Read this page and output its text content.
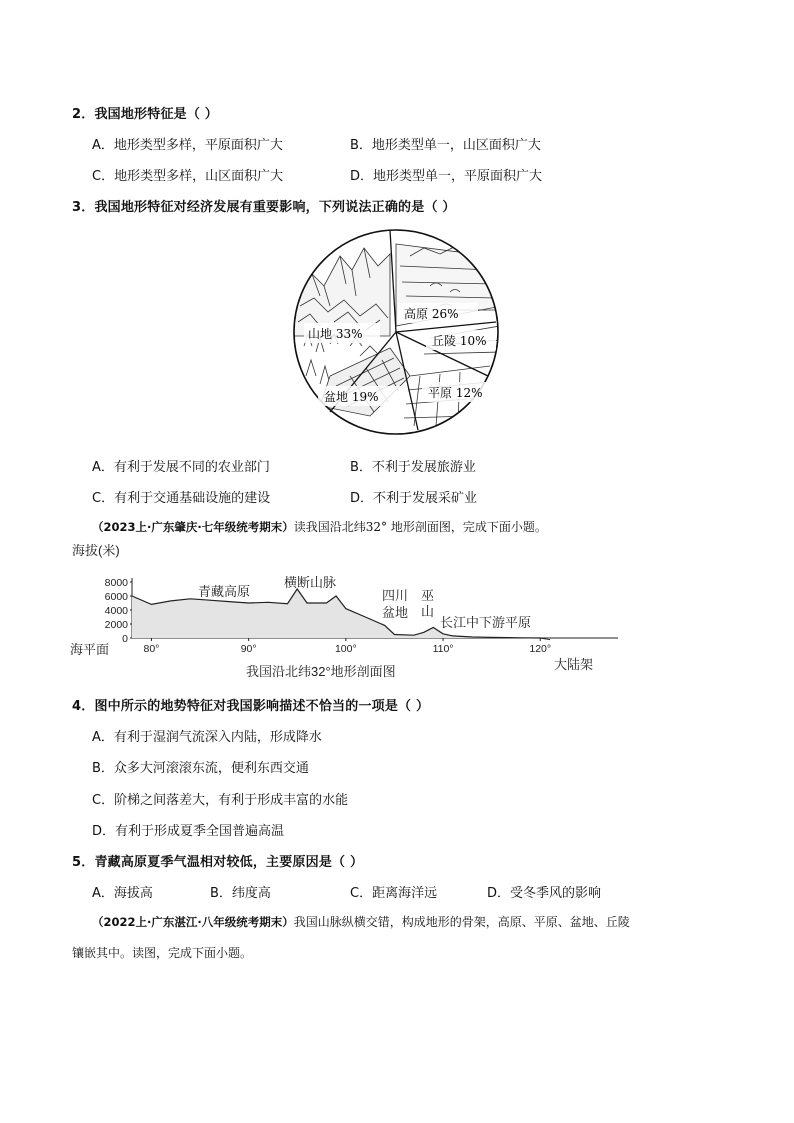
2．我国地形特征是（ ）
A．地形类型多样，平原面积广大	B．地形类型单一，山区面积广大
C．地形类型多样，山区面积广大	D．地形类型单一，平原面积广大
3．我国地形特征对经济发展有重要影响，下列说法正确的是（ ）
山地 33%
高原 26%
丘陵 10%
平原 12%
盆地 19%
A．有利于发展不同的农业部门	B．不利于发展旅游业
C．有利于交通基础设施的建设	D．不利于发展采矿业
（2023上·广东肇庆·七年级统考期末）读我国沿北纬32° 地形剖面图，完成下面小题。
海拔(米)
8000
6000
4000
2000
0
80°	90°	100°	110°	120°
海平面
青藏高原
横断山脉
四川
盆地
巫
山
长江中下游平原
大陆架
我国沿北纬32°地形剖面图
4．图中所示的地势特征对我国影响描述不恰当的一项是（ ）
A．有利于湿润气流深入内陆，形成降水
B．众多大河滚滚东流，便利东西交通
C．阶梯之间落差大，有利于形成丰富的水能
D．有利于形成夏季全国普遍高温
5．青藏高原夏季气温相对较低，主要原因是（ ）
A．海拔高	B．纬度高	C．距离海洋远	D．受冬季风的影响
（2022上·广东湛江·八年级统考期末）我国山脉纵横交错，构成地形的骨架，高原、平原、盆地、丘陵
镶嵌其中。读图，完成下面小题。
